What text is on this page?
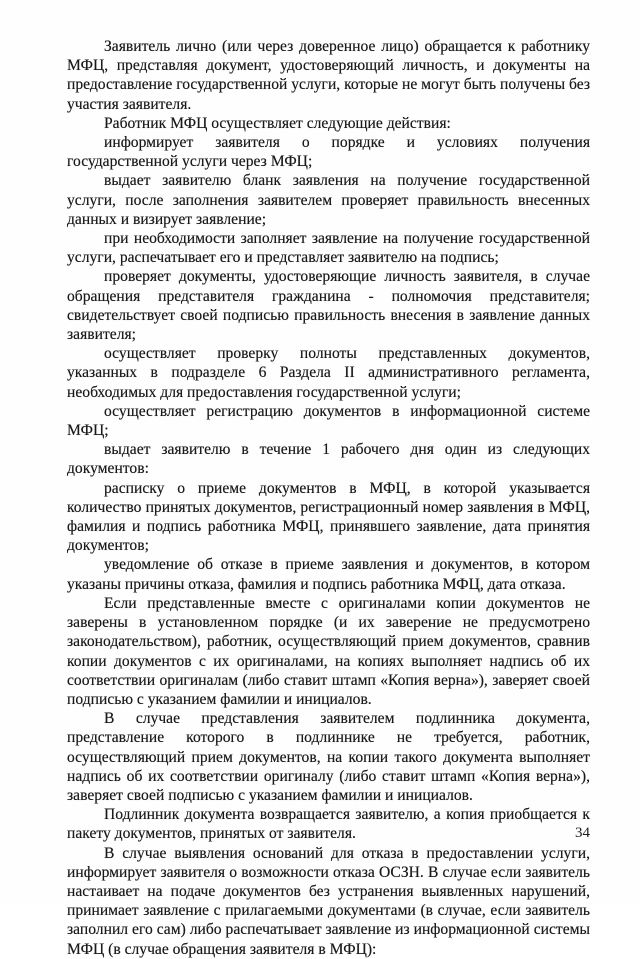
Заявитель лично (или через доверенное лицо) обращается к работнику МФЦ, представляя документ, удостоверяющий личность, и документы на предоставление государственной услуги, которые не могут быть получены без участия заявителя.

Работник МФЦ осуществляет следующие действия:

информирует заявителя о порядке и условиях получения государственной услуги через МФЦ;

выдает заявителю бланк заявления на получение государственной услуги, после заполнения заявителем проверяет правильность внесенных данных и визирует заявление;

при необходимости заполняет заявление на получение государственной услуги, распечатывает его и представляет заявителю на подпись;

проверяет документы, удостоверяющие личность заявителя, в случае обращения представителя гражданина - полномочия представителя; свидетельствует своей подписью правильность внесения в заявление данных заявителя;

осуществляет проверку полноты представленных документов, указанных в подразделе 6 Раздела II административного регламента, необходимых для предоставления государственной услуги;

осуществляет регистрацию документов в информационной системе МФЦ;

выдает заявителю в течение 1 рабочего дня один из следующих документов:

расписку о приеме документов в МФЦ, в которой указывается количество принятых документов, регистрационный номер заявления в МФЦ, фамилия и подпись работника МФЦ, принявшего заявление, дата принятия документов;

уведомление об отказе в приеме заявления и документов, в котором указаны причины отказа, фамилия и подпись работника МФЦ, дата отказа.

Если представленные вместе с оригиналами копии документов не заверены в установленном порядке (и их заверение не предусмотрено законодательством), работник, осуществляющий прием документов, сравнив копии документов с их оригиналами, на копиях выполняет надпись об их соответствии оригиналам (либо ставит штамп «Копия верна»), заверяет своей подписью с указанием фамилии и инициалов.

В случае представления заявителем подлинника документа, представление которого в подлиннике не требуется, работник, осуществляющий прием документов, на копии такого документа выполняет надпись об их соответствии оригиналу (либо ставит штамп «Копия верна»), заверяет своей подписью с указанием фамилии и инициалов.

Подлинник документа возвращается заявителю, а копия приобщается к пакету документов, принятых от заявителя.

В случае выявления оснований для отказа в предоставлении услуги, информирует заявителя о возможности отказа ОСЗН. В случае если заявитель настаивает на подаче документов без устранения выявленных нарушений, принимает заявление с прилагаемыми документами (в случае, если заявитель заполнил его сам) либо распечатывает заявление из информационной системы МФЦ (в случае обращения заявителя в МФЦ):

34
